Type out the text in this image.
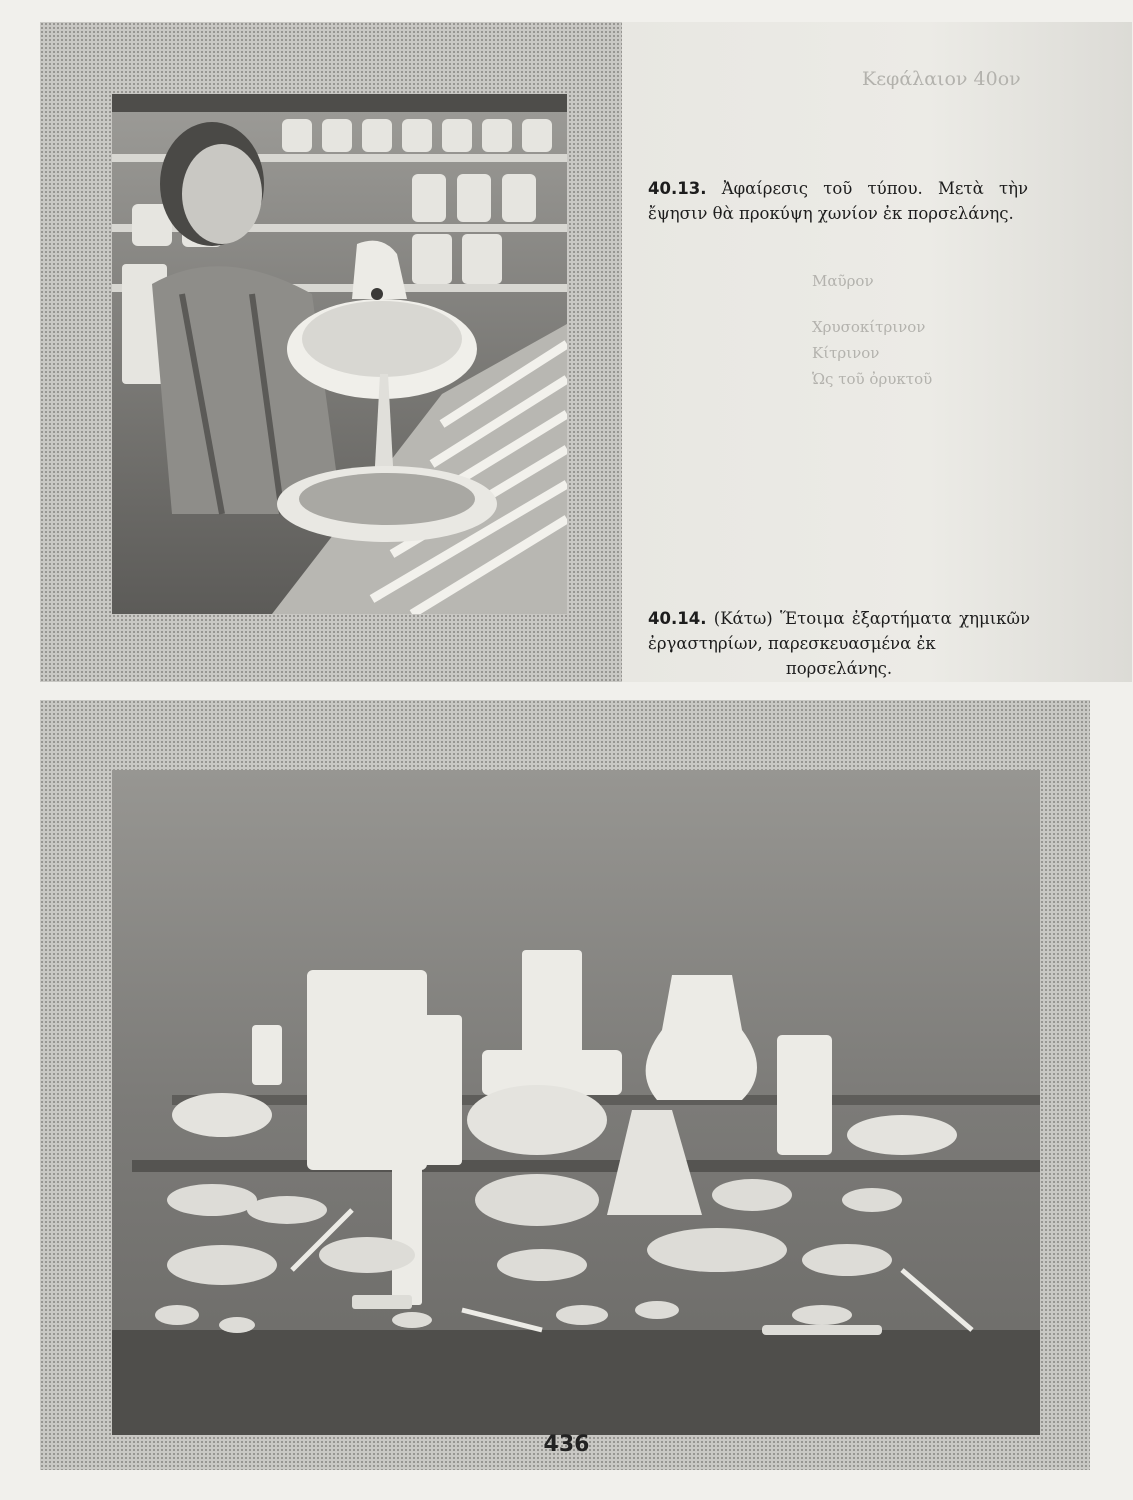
Κεφάλαιον 40ον
Μαῦρον
Χρυσοκίτρινον
Κίτρινον
Ὡς τοῦ ὀρυκτοῦ
40.13. Ἀφαίρεσις τοῦ τύπου. Μετὰ τὴν ἔψησιν θὰ προκύψη χωνίον ἐκ πορσελάνης.
40.14. (Κάτω) Ἕτοιμα ἐξαρτήματα χημικῶν ἐργαστηρίων, παρεσκευασμένα ἐκ
πορσελάνης.
436
